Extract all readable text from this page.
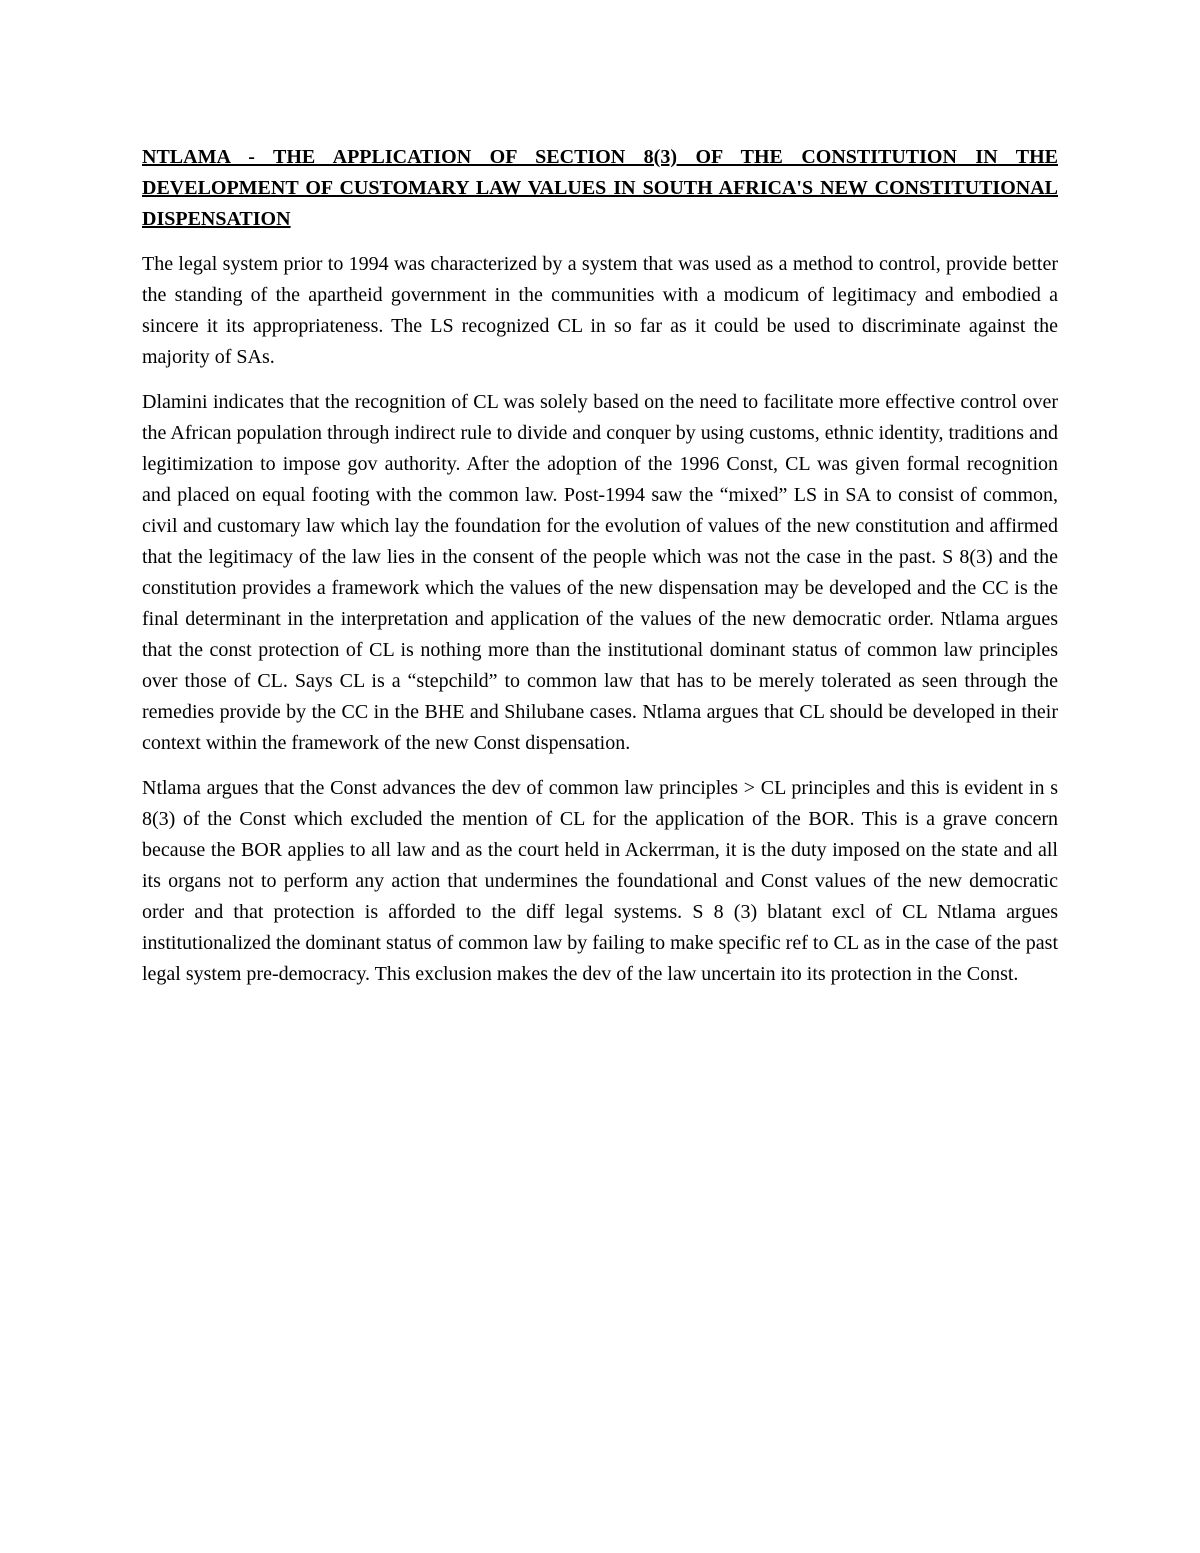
NTLAMA - THE APPLICATION OF SECTION 8(3) OF THE CONSTITUTION IN THE DEVELOPMENT OF CUSTOMARY LAW VALUES IN SOUTH AFRICA'S NEW CONSTITUTIONAL DISPENSATION

The legal system prior to 1994 was characterized by a system that was used as a method to control, provide better the standing of the apartheid government in the communities with a modicum of legitimacy and embodied a sincere it its appropriateness. The LS recognized CL in so far as it could be used to discriminate against the majority of SAs.

Dlamini indicates that the recognition of CL was solely based on the need to facilitate more effective control over the African population through indirect rule to divide and conquer by using customs, ethnic identity, traditions and legitimization to impose gov authority. After the adoption of the 1996 Const, CL was given formal recognition and placed on equal footing with the common law. Post-1994 saw the “mixed” LS in SA to consist of common, civil and customary law which lay the foundation for the evolution of values of the new constitution and affirmed that the legitimacy of the law lies in the consent of the people which was not the case in the past. S 8(3) and the constitution provides a framework which the values of the new dispensation may be developed and the CC is the final determinant in the interpretation and application of the values of the new democratic order. Ntlama argues that the const protection of CL is nothing more than the institutional dominant status of common law principles over those of CL. Says CL is a “stepchild” to common law that has to be merely tolerated as seen through the remedies provide by the CC in the BHE and Shilubane cases. Ntlama argues that CL should be developed in their context within the framework of the new Const dispensation.

Ntlama argues that the Const advances the dev of common law principles > CL principles and this is evident in s 8(3) of the Const which excluded the mention of CL for the application of the BOR. This is a grave concern because the BOR applies to all law and as the court held in Ackerrman, it is the duty imposed on the state and all its organs not to perform any action that undermines the foundational and Const values of the new democratic order and that protection is afforded to the diff legal systems. S 8 (3) blatant excl of CL Ntlama argues institutionalized the dominant status of common law by failing to make specific ref to CL as in the case of the past legal system pre-democracy. This exclusion makes the dev of the law uncertain ito its protection in the Const.
